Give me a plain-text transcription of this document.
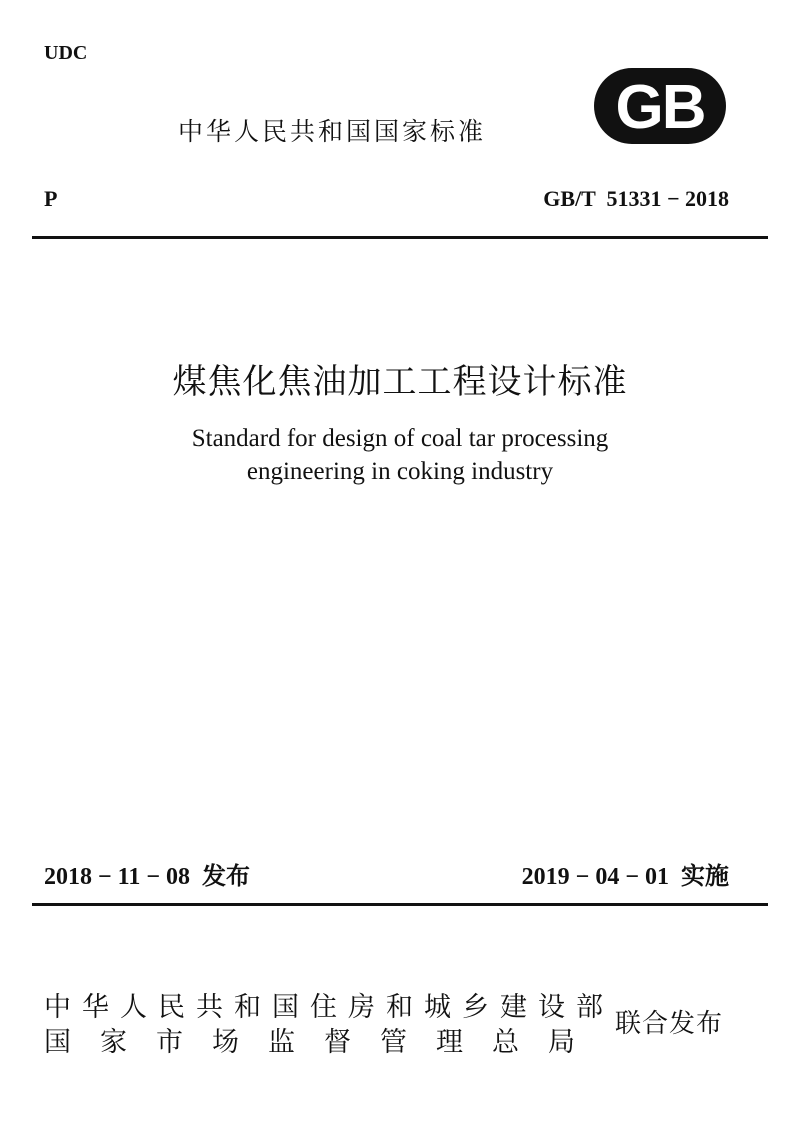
UDC
中华人民共和国国家标准 GB
P	GB/T  51331 − 2018
煤焦化焦油加工工程设计标准
Standard for design of coal tar processing
engineering in coking industry
2018 − 11 − 08 发布	2019 − 04 − 01 实施
中华人民共和国住房和城乡建设部
国家市场监督管理总局
联合发布
